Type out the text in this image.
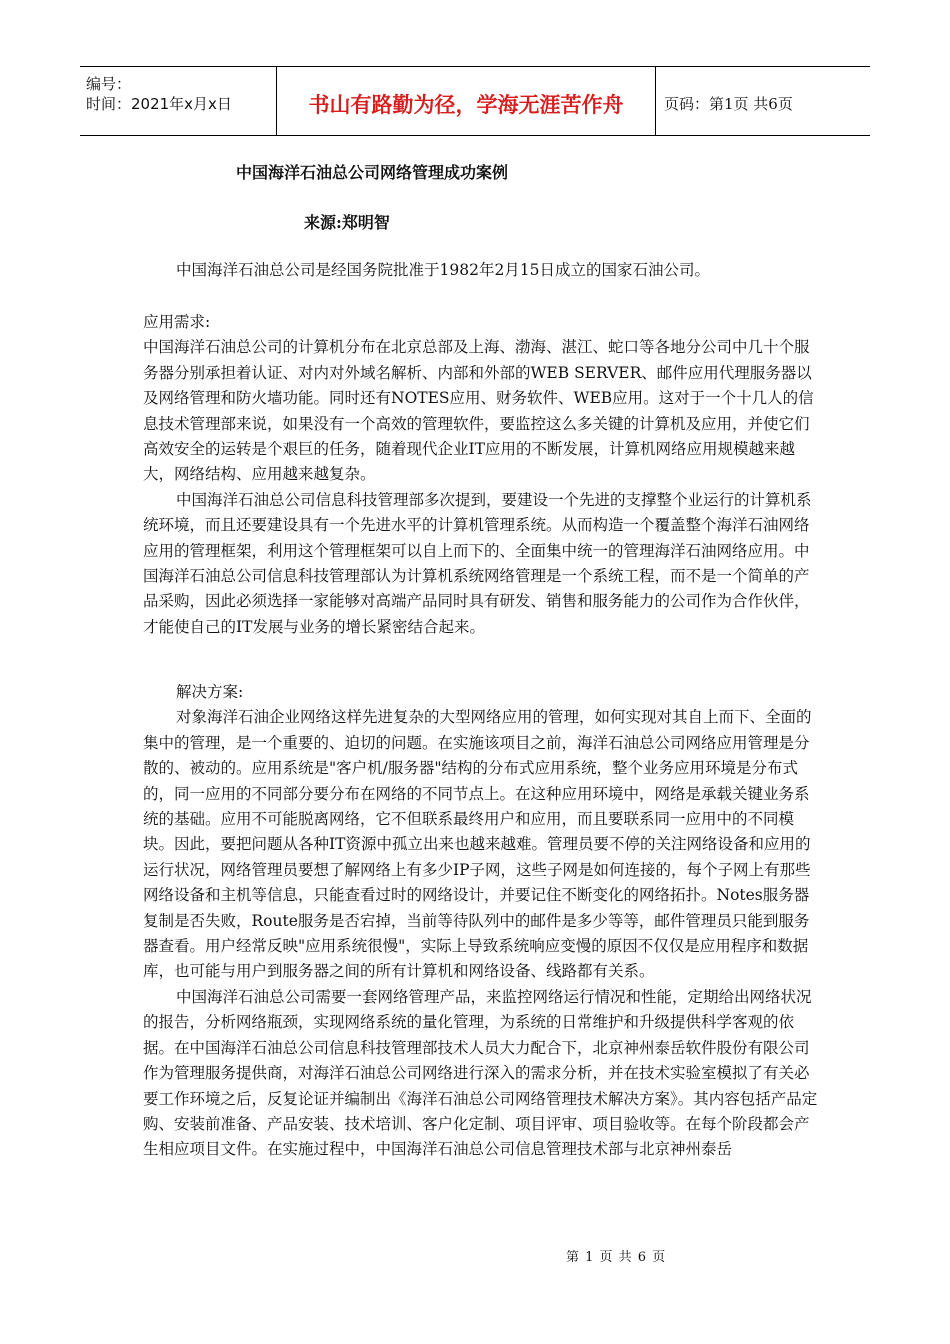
编号：
时间：2021年x月x日	书山有路勤为径，学海无涯苦作舟	页码：第1页 共6页
中国海洋石油总公司网络管理成功案例
来源:郑明智

中国海洋石油总公司是经国务院批准于1982年2月15日成立的国家石油公司。

应用需求:

中国海洋石油总公司的计算机分布在北京总部及上海、渤海、湛江、蛇口等各地分公司中几十个服务器分别承担着认证、对内对外域名解析、内部和外部的WEB SERVER、邮件应用代理服务器以及网络管理和防火墙功能。同时还有NOTES应用、财务软件、WEB应用。这对于一个十几人的信息技术管理部来说，如果没有一个高效的管理软件，要监控这么多关键的计算机及应用，并使它们高效安全的运转是个艰巨的任务，随着现代企业IT应用的不断发展，计算机网络应用规模越来越大，网络结构、应用越来越复杂。

中国海洋石油总公司信息科技管理部多次提到，要建设一个先进的支撑整个业运行的计算机系统环境，而且还要建设具有一个先进水平的计算机管理系统。从而构造一个覆盖整个海洋石油网络应用的管理框架，利用这个管理框架可以自上而下的、全面集中统一的管理海洋石油网络应用。中国海洋石油总公司信息科技管理部认为计算机系统网络管理是一个系统工程，而不是一个简单的产品采购，因此必须选择一家能够对高端产品同时具有研发、销售和服务能力的公司作为合作伙伴，才能使自己的IT发展与业务的增长紧密结合起来。

解决方案:

对象海洋石油企业网络这样先进复杂的大型网络应用的管理，如何实现对其自上而下、全面的集中的管理，是一个重要的、迫切的问题。在实施该项目之前，海洋石油总公司网络应用管理是分散的、被动的。应用系统是"客户机/服务器"结构的分布式应用系统，整个业务应用环境是分布式的，同一应用的不同部分要分布在网络的不同节点上。在这种应用环境中，网络是承载关键业务系统的基础。应用不可能脱离网络，它不但联系最终用户和应用，而且要联系同一应用中的不同模块。因此，要把问题从各种IT资源中孤立出来也越来越难。管理员要不停的关注网络设备和应用的运行状况，网络管理员要想了解网络上有多少IP子网，这些子网是如何连接的，每个子网上有那些网络设备和主机等信息，只能查看过时的网络设计，并要记住不断变化的网络拓扑。Notes服务器复制是否失败，Route服务是否宕掉，当前等待队列中的邮件是多少等等，邮件管理员只能到服务器查看。用户经常反映"应用系统很慢"，实际上导致系统响应变慢的原因不仅仅是应用程序和数据库，也可能与用户到服务器之间的所有计算机和网络设备、线路都有关系。

中国海洋石油总公司需要一套网络管理产品，来监控网络运行情况和性能，定期给出网络状况的报告，分析网络瓶颈，实现网络系统的量化管理，为系统的日常维护和升级提供科学客观的依据。在中国海洋石油总公司信息科技管理部技术人员大力配合下，北京神州泰岳软件股份有限公司作为管理服务提供商，对海洋石油总公司网络进行深入的需求分析，并在技术实验室模拟了有关必要工作环境之后，反复论证并编制出《海洋石油总公司网络管理技术解决方案》。其内容包括产品定购、安装前准备、产品安装、技术培训、客户化定制、项目评审、项目验收等。在每个阶段都会产生相应项目文件。在实施过程中，中国海洋石油总公司信息管理技术部与北京神州泰岳

第 1 页 共 6 页
